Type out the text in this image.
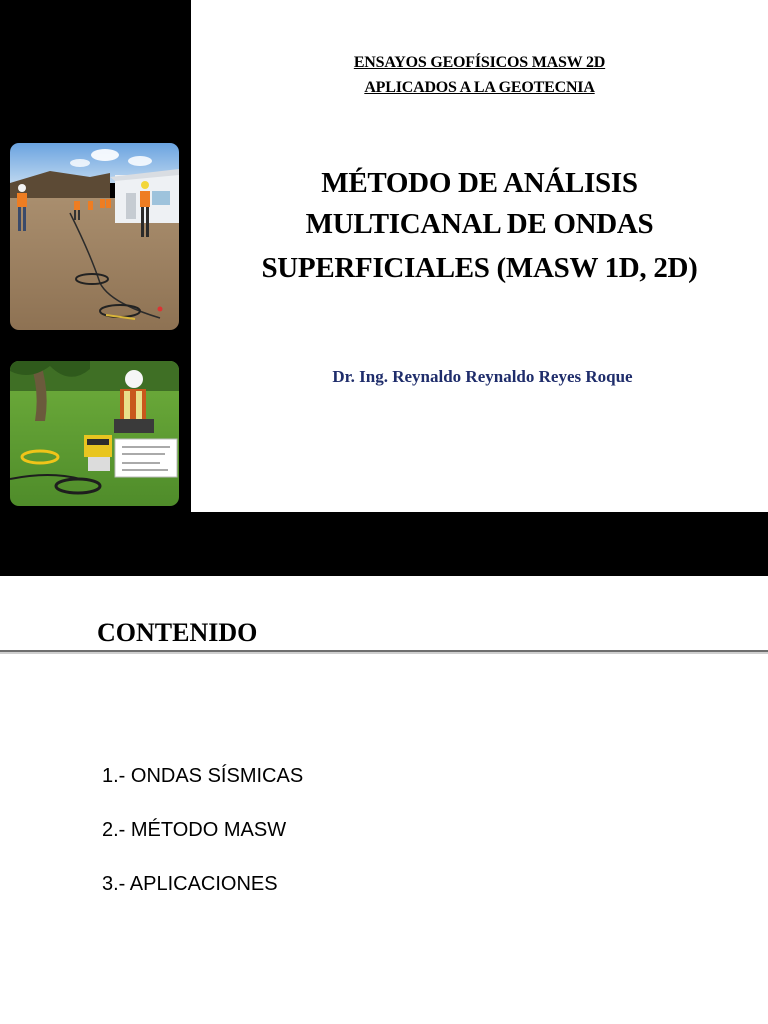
ENSAYOS GEOFÍSICOS MASW 2D
APLICADOS A LA GEOTECNIA
MÉTODO DE ANÁLISIS
MULTICANAL DE ONDAS
SUPERFICIALES (MASW 1D, 2D)
Dr. Ing. Reynaldo Reynaldo Reyes Roque
CONTENIDO
1.- ONDAS SÍSMICAS
2.- MÉTODO MASW
3.- APLICACIONES
